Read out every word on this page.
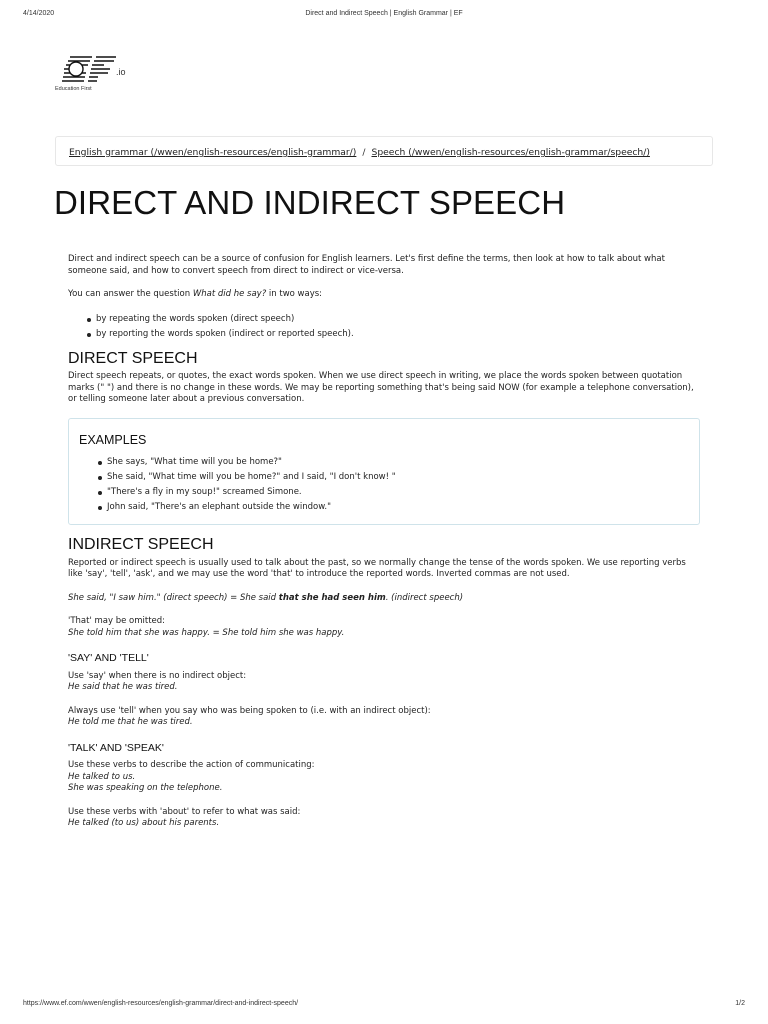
4/14/2020	Direct and Indirect Speech | English Grammar | EF
.io
Education First
English grammar (/wwen/english-resources/english-grammar/) / Speech (/wwen/english-resources/english-grammar/speech/)
DIRECT AND INDIRECT SPEECH

Direct and indirect speech can be a source of confusion for English learners. Let's first define the terms, then look at how to talk about what someone said, and how to convert speech from direct to indirect or vice-versa.

You can answer the question What did he say? in two ways:

by repeating the words spoken (direct speech)
by reporting the words spoken (indirect or reported speech).
DIRECT SPEECH

Direct speech repeats, or quotes, the exact words spoken. When we use direct speech in writing, we place the words spoken between quotation marks (" ") and there is no change in these words. We may be reporting something that's being said NOW (for example a telephone conversation), or telling someone later about a previous conversation.

EXAMPLES
She says, "What time will you be home?"
She said, "What time will you be home?" and I said, "I don't know! "
"There's a fly in my soup!" screamed Simone.
John said, "There's an elephant outside the window."
INDIRECT SPEECH

Reported or indirect speech is usually used to talk about the past, so we normally change the tense of the words spoken. We use reporting verbs like 'say', 'tell', 'ask', and we may use the word 'that' to introduce the reported words. Inverted commas are not used.

She said, "I saw him." (direct speech) = She said that she had seen him. (indirect speech)

'That' may be omitted:
She told him that she was happy. = She told him she was happy.

'SAY' AND 'TELL'

Use 'say' when there is no indirect object:
He said that he was tired.

Always use 'tell' when you say who was being spoken to (i.e. with an indirect object):
He told me that he was tired.

'TALK' AND 'SPEAK'

Use these verbs to describe the action of communicating:
He talked to us.
She was speaking on the telephone.

Use these verbs with 'about' to refer to what was said:
He talked (to us) about his parents.

https://www.ef.com/wwen/english-resources/english-grammar/direct-and-indirect-speech/	1/2
